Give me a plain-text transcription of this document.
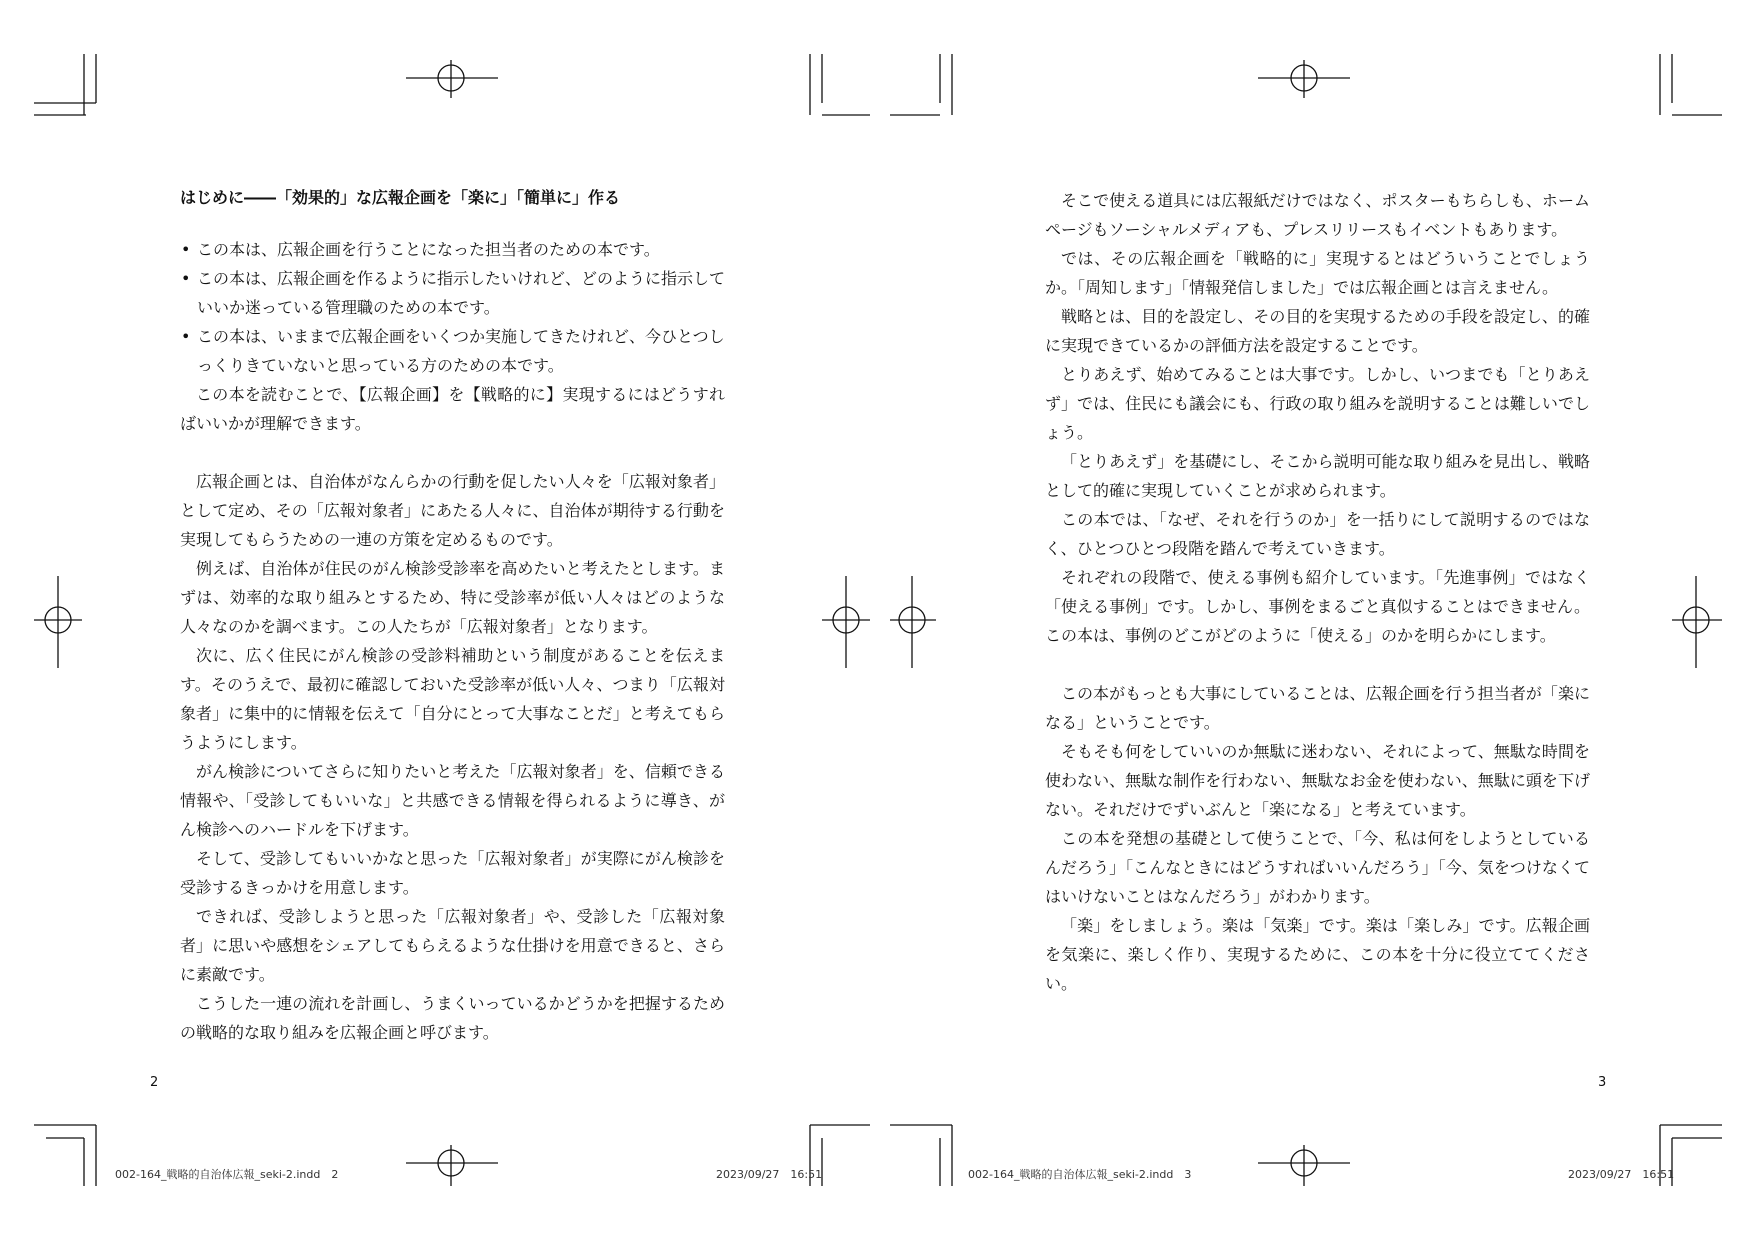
はじめに――「効果的」な広報企画を「楽に」「簡単に」作る
• この本は、広報企画を行うことになった担当者のための本です。
• この本は、広報企画を作るように指示したいけれど、どのように指示していいか迷っている管理職のための本です。
• この本は、いままで広報企画をいくつか実施してきたけれど、今ひとつしっくりきていないと思っている方のための本です。

この本を読むことで、【広報企画】を【戦略的に】実現するにはどうすればいいかが理解できます。

広報企画とは、自治体がなんらかの行動を促したい人々を「広報対象者」として定め、その「広報対象者」にあたる人々に、自治体が期待する行動を実現してもらうための一連の方策を定めるものです。

例えば、自治体が住民のがん検診受診率を高めたいと考えたとします。まずは、効率的な取り組みとするため、特に受診率が低い人々はどのような人々なのかを調べます。この人たちが「広報対象者」となります。

次に、広く住民にがん検診の受診料補助という制度があることを伝えます。そのうえで、最初に確認しておいた受診率が低い人々、つまり「広報対象者」に集中的に情報を伝えて「自分にとって大事なことだ」と考えてもらうようにします。

がん検診についてさらに知りたいと考えた「広報対象者」を、信頼できる情報や、「受診してもいいな」と共感できる情報を得られるように導き、がん検診へのハードルを下げます。

そして、受診してもいいかなと思った「広報対象者」が実際にがん検診を受診するきっかけを用意します。

できれば、受診しようと思った「広報対象者」や、受診した「広報対象者」に思いや感想をシェアしてもらえるような仕掛けを用意できると、さらに素敵です。

こうした一連の流れを計画し、うまくいっているかどうかを把握するための戦略的な取り組みを広報企画と呼びます。

2
002-164_戦略的自治体広報_seki-2.indd　2	2023/09/27　16:51

そこで使える道具には広報紙だけではなく、ポスターもちらしも、ホームページもソーシャルメディアも、プレスリリースもイベントもあります。

では、その広報企画を「戦略的に」実現するとはどういうことでしょうか。「周知します」「情報発信しました」では広報企画とは言えません。

戦略とは、目的を設定し、その目的を実現するための手段を設定し、的確に実現できているかの評価方法を設定することです。

とりあえず、始めてみることは大事です。しかし、いつまでも「とりあえず」では、住民にも議会にも、行政の取り組みを説明することは難しいでしょう。

「とりあえず」を基礎にし、そこから説明可能な取り組みを見出し、戦略として的確に実現していくことが求められます。

この本では、「なぜ、それを行うのか」を一括りにして説明するのではなく、ひとつひとつ段階を踏んで考えていきます。

それぞれの段階で、使える事例も紹介しています。「先進事例」ではなく「使える事例」です。しかし、事例をまるごと真似することはできません。この本は、事例のどこがどのように「使える」のかを明らかにします。

この本がもっとも大事にしていることは、広報企画を行う担当者が「楽になる」ということです。

そもそも何をしていいのか無駄に迷わない、それによって、無駄な時間を使わない、無駄な制作を行わない、無駄なお金を使わない、無駄に頭を下げない。それだけでずいぶんと「楽になる」と考えています。

この本を発想の基礎として使うことで、「今、私は何をしようとしているんだろう」「こんなときにはどうすればいいんだろう」「今、気をつけなくてはいけないことはなんだろう」がわかります。

「楽」をしましょう。楽は「気楽」です。楽は「楽しみ」です。広報企画を気楽に、楽しく作り、実現するために、この本を十分に役立ててください。

3
002-164_戦略的自治体広報_seki-2.indd　3	2023/09/27　16:51
